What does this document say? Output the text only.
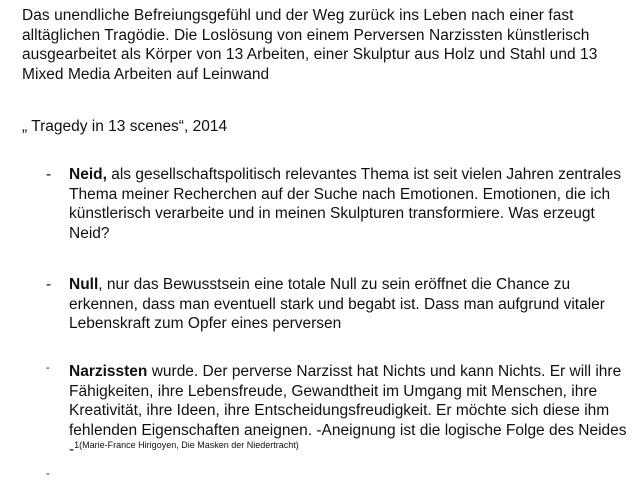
Das unendliche Befreiungsgefühl und der Weg zurück ins Leben nach einer fast alltäglichen Tragödie. Die Loslösung von einem Perversen Narzissten künstlerisch ausgearbeitet als Körper von 13 Arbeiten, einer Skulptur aus Holz und Stahl und 13 Mixed Media Arbeiten auf Leinwand

„ Tragedy in 13 scenes“, 2014
- Neid, als gesellschaftspolitisch relevantes Thema ist seit vielen Jahren zentrales Thema meiner Recherchen auf der Suche nach Emotionen. Emotionen, die ich künstlerisch verarbeite und in meinen Skulpturen transformiere. Was erzeugt Neid?
- Null, nur das Bewusstsein eine totale Null zu sein eröffnet die Chance zu erkennen, dass man eventuell stark und begabt ist. Dass man aufgrund vitaler Lebenskraft zum Opfer eines perversen
- Narzissten wurde. Der perverse Narzisst hat Nichts und kann Nichts. Er will ihre Fähigkeiten, ihre Lebensfreude, Gewandtheit im Umgang mit Menschen, ihre Kreativität, ihre Ideen, ihre Entscheidungsfreudigkeit. Er möchte sich diese ihm fehlenden Eigenschaften aneignen. -Aneignung ist die logische Folge des Neides -$^{1(Marie-France Hirigoyen, Die Masken der Niedertracht)}$
-
